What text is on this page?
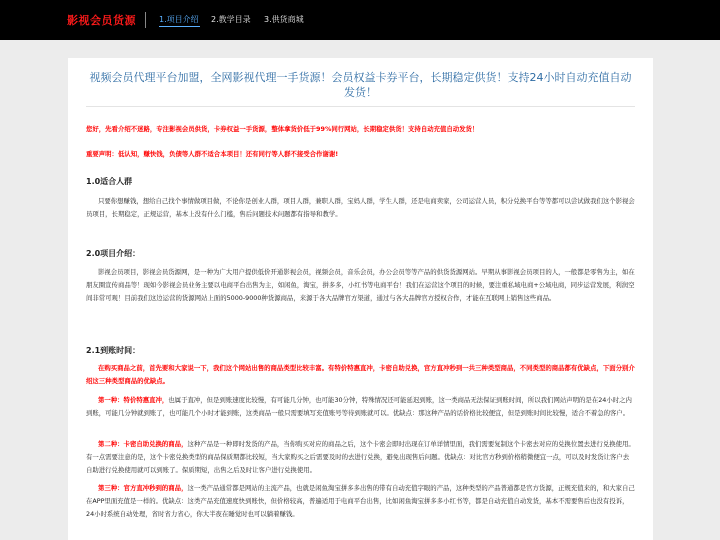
影视会员货源	1.项目介绍 2.教学目录 3.供货商城
视频会员代理平台加盟，全网影视代理一手货源！会员权益卡券平台，长期稳定供货！支持24小时自动充值自动发货！
您好，先看介绍不迷路，专注影视会员供货，卡券权益一手货源，整体拿货价低于99%同行网站，长期稳定供货！支持自动充值自动发货！
重要声明：低认知，赚快钱，负债等人群不适合本项目！还有同行等人群不接受合作谢谢!
1.0适合人群
只要你想赚钱，想给自己找个事情做项目做，不论你是创业人群，项目人群，兼职人群，宝妈人群，学生人群，还是电商卖家，公司运营人员，积分兑换平台等等都可以尝试做我们这个影视会员项目，长期稳定，正规运营，基本上没有什么门槛，售后问题技术问题都有指导和教学。
2.0项目介绍：
影视会员项目，影视会员货源网，是一种为广大用户提供低价开通影视会员，视频会员，音乐会员，办公会员等等产品的供货货源网站。早期从事影视会员项目的人，一般都是零售为主，如在朋友圈宣传商品等！现如今影视会员业务主要以电商平台出售为主，如闲鱼，淘宝，拼多多，小红书等电商平台！我们在运营这个项目的时候，要注重私域电商+公域电商，同步运营发展，利润空间非常可观！目前我们这边运营的货源网站上面的5000-9000种货源商品，来源于各大品牌官方渠道，通过与各大品牌官方授权合作，才能在互联网上销售这些商品。
2.1到账时间：
在购买商品之前，首先要和大家说一下，我们这个网站出售的商品类型比较丰富。有特价特惠直冲，卡密自助兑换，官方直冲秒到一共三种类型商品，不同类型的商品都有优缺点，下面分别介绍这三种类型商品的优缺点。
第一种：特价特惠直冲，也属于直冲，但是到账速度比较慢，有可能几分钟，也可能30分钟，特殊情况还可能延迟到账，这一类商品无法保证到账时间，所以我们网站声明的是在24小时之内到账，可能几分钟就到账了，也可能几个小时才能到账，这类商品一般只需要填写充值账号等待到账就可以。优缺点：那这种产品的话价格比较便宜，但是到账时间比较慢，适合不着急的客户。
第二种：卡密自助兑换的商品，这种产品是一种即时发货的产品，当你购买对应的商品之后，这个卡密会即时出现在订单详情里面，我们需要复制这个卡密去对应的兑换位置去进行兑换使用。有一点需要注意的是，这个卡密兑换类型的商品保质期都比较短，当大家购买之后需要及时的去进行兑换，避免出现售后问题。优缺点：对比官方秒到价格稍微便宜一点，可以及时发货让客户去自助进行兑换使用就可以到账了。保质期短，出售之后及时让客户进行兑换使用。
第三种：官方直冲秒到的商品，这一类产品通常都是网站的主流产品，也就是闲鱼淘宝拼多多出售的带有自动充值字眼的产品，这种类型的产品普通都是官方货源，正规充值来的，和大家自己在APP里面充值是一样的。优缺点：这类产品充值速度快到账快，但价格较高，普遍适用于电商平台出售，比如闲鱼淘宝拼多多小红书等，都是自动充值自动发货，基本不需要售后也没有投诉，24小时系统自动处理，省时省力省心，你大半夜在睡觉时也可以躺着赚钱。
